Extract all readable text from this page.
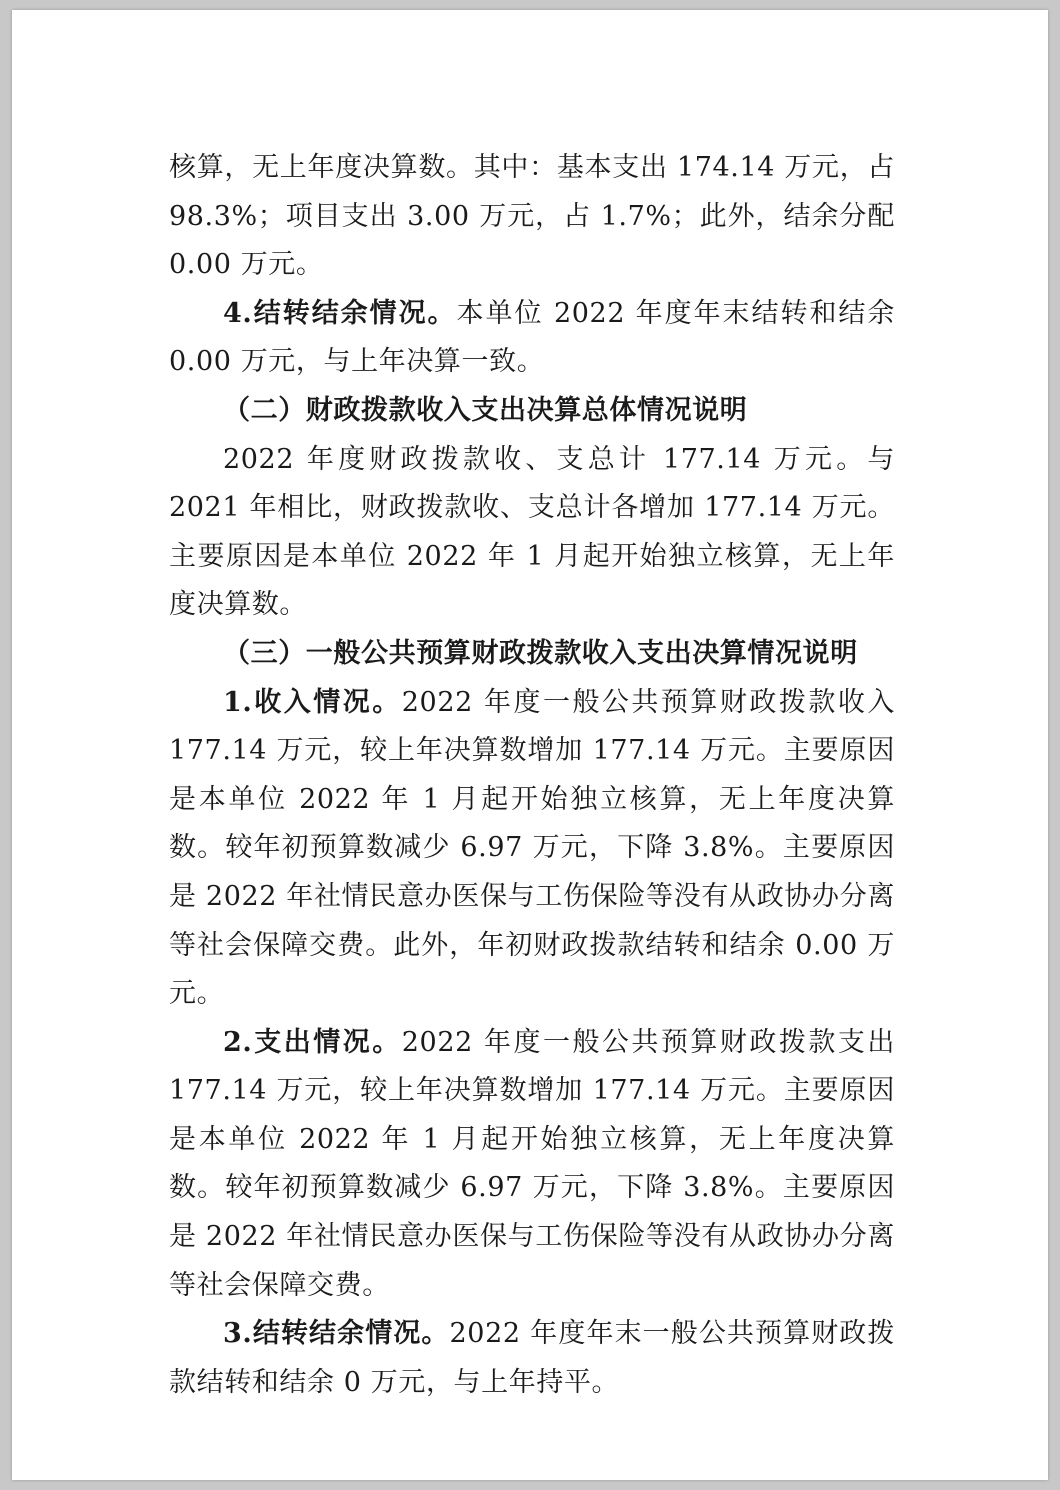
核算，无上年度决算数。其中：基本支出 174.14 万元，占 98.3%；项目支出 3.00 万元，占 1.7%；此外，结余分配 0.00 万元。

4.结转结余情况。本单位 2022 年度年末结转和结余 0.00 万元，与上年决算一致。

（二）财政拨款收入支出决算总体情况说明

2022 年度财政拨款收、支总计 177.14 万元。与 2021 年相比，财政拨款收、支总计各增加 177.14 万元。主要原因是本单位 2022 年 1 月起开始独立核算，无上年度决算数。

（三）一般公共预算财政拨款收入支出决算情况说明

1.收入情况。2022 年度一般公共预算财政拨款收入 177.14 万元，较上年决算数增加 177.14 万元。主要原因是本单位 2022 年 1 月起开始独立核算，无上年度决算数。较年初预算数减少 6.97 万元，下降 3.8%。主要原因是 2022 年社情民意办医保与工伤保险等没有从政协办分离等社会保障交费。此外，年初财政拨款结转和结余 0.00 万元。

2.支出情况。2022 年度一般公共预算财政拨款支出 177.14 万元，较上年决算数增加 177.14 万元。主要原因是本单位 2022 年 1 月起开始独立核算，无上年度决算数。较年初预算数减少 6.97 万元，下降 3.8%。主要原因是 2022 年社情民意办医保与工伤保险等没有从政协办分离等社会保障交费。

3.结转结余情况。2022 年度年末一般公共预算财政拨款结转和结余 0 万元，与上年持平。
